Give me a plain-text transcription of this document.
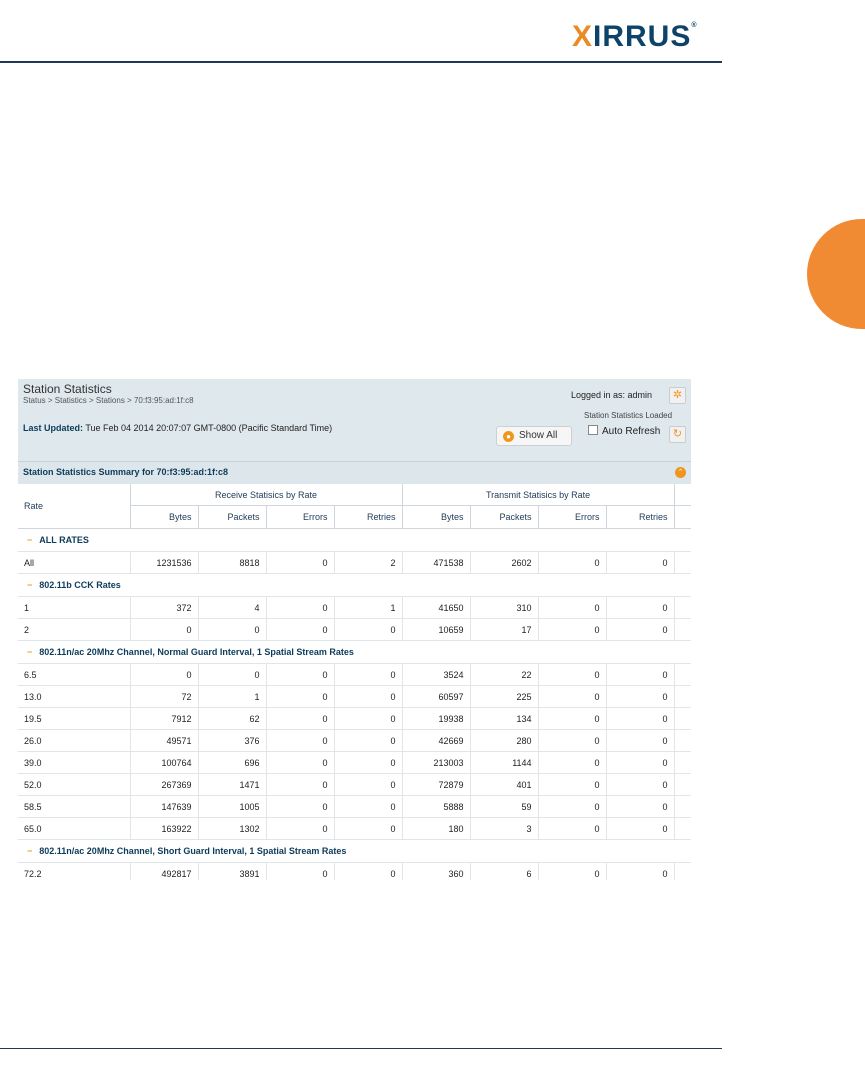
XIRRUS®
Station Statistics
Status > Statistics > Stations > 70:f3:95:ad:1f:c8
Last Updated: Tue Feb 04 2014 20:07:07 GMT-0800 (Pacific Standard Time)
Logged in as: admin	✲
Station Statistics Loaded
● Show All	Auto Refresh	↻
Station Statistics Summary for 70:f3:95:ad:1f:c8	⌃
Rate	Receive Statisics by Rate				Transmit Statisics by Rate				
	Bytes	Packets	Errors	Retries	Bytes	Packets	Errors	Retries	
− ALL RATES									
All	1231536	8818	0	2	471538	2602	0	0	
− 802.11b CCK Rates									
1	372	4	0	1	41650	310	0	0	
2	0	0	0	0	10659	17	0	0	
− 802.11n/ac 20Mhz Channel, Normal Guard Interval, 1 Spatial Stream Rates									
6.5	0	0	0	0	3524	22	0	0	
13.0	72	1	0	0	60597	225	0	0	
19.5	7912	62	0	0	19938	134	0	0	
26.0	49571	376	0	0	42669	280	0	0	
39.0	100764	696	0	0	213003	1144	0	0	
52.0	267369	1471	0	0	72879	401	0	0	
58.5	147639	1005	0	0	5888	59	0	0	
65.0	163922	1302	0	0	180	3	0	0	
− 802.11n/ac 20Mhz Channel, Short Guard Interval, 1 Spatial Stream Rates									
72.2	492817	3891	0	0	360	6	0	0	
